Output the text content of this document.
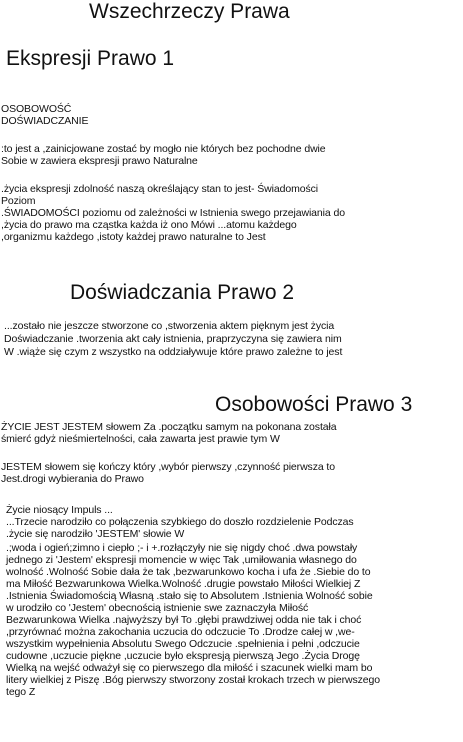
Wszechrzeczy Prawa
Ekspresji Prawo 1
OSOBOWOŚĆ
DOŚWIADCZANIE
:to jest a ,zainicjowane zostać by mogło nie których bez pochodne dwie
Sobie w zawiera ekspresji prawo Naturalne
.życia ekspresji zdolność naszą określający stan to jest- Świadomości
Poziom
.ŚWIADOMOŚCI poziomu od zależności w Istnienia swego przejawiania do
,życia do prawo ma cząstka każda iż ono Mówi ...atomu każdego
,organizmu każdego ,istoty każdej prawo naturalne to Jest
Doświadczania Prawo 2
...zostało nie jeszcze stworzone co ,stworzenia aktem pięknym jest życia
Doświadczanie .tworzenia akt cały istnienia, praprzyczyna się zawiera nim
W .wiąże się czym z wszystko na oddziaływuje które prawo zależne to jest
Osobowości Prawo 3
ŻYCIE JEST JESTEM słowem Za .początku samym na pokonana została
śmierć gdyż nieśmiertelności, cała zawarta jest prawie tym W
JESTEM słowem się kończy który ,wybór pierwszy ,czynność pierwsza to
Jest.drogi wybierania do Prawo
Życie niosący Impuls ...
...Trzecie narodziło co połączenia szybkiego do doszło rozdzielenie Podczas
.życie się narodziło 'JESTEM' słowie W
.;woda i ogień;zimno i ciepło ;- i +.rozłączyły nie się nigdy choć .dwa powstały
jednego zi 'Jestem' ekspresji momencie w więc Tak ,umiłowania własnego do
wolność .Wolność Sobie dała że tak ,bezwarunkowo kocha i ufa że .Siebie do to
ma Miłość Bezwarunkowa Wielka.Wolność .drugie powstało Miłości Wielkiej Z
.Istnienia Świadomością Własną .stało się to Absolutem .Istnienia Wolność sobie
w urodziło co 'Jestem' obecnością istnienie swe zaznaczyła Miłość
Bezwarunkowa Wielka .najwyższy był To .głębi prawdziwej odda nie tak i choć
,przyrównać można zakochania uczucia do odczucie To .Drodze całej w ,we-
wszystkim wypełnienia Absolutu Swego Odczucie .spełnienia i pełni ,odczucie
cudowne ,uczucie piękne ,uczucie było ekspresją pierwszą Jego .Życia Drogę
Wielką na wejść odważył się co pierwszego dla miłość i szacunek wielki mam bo
litery wielkiej z Piszę .Bóg pierwszy stworzony został krokach trzech w pierwszego
tego Z
